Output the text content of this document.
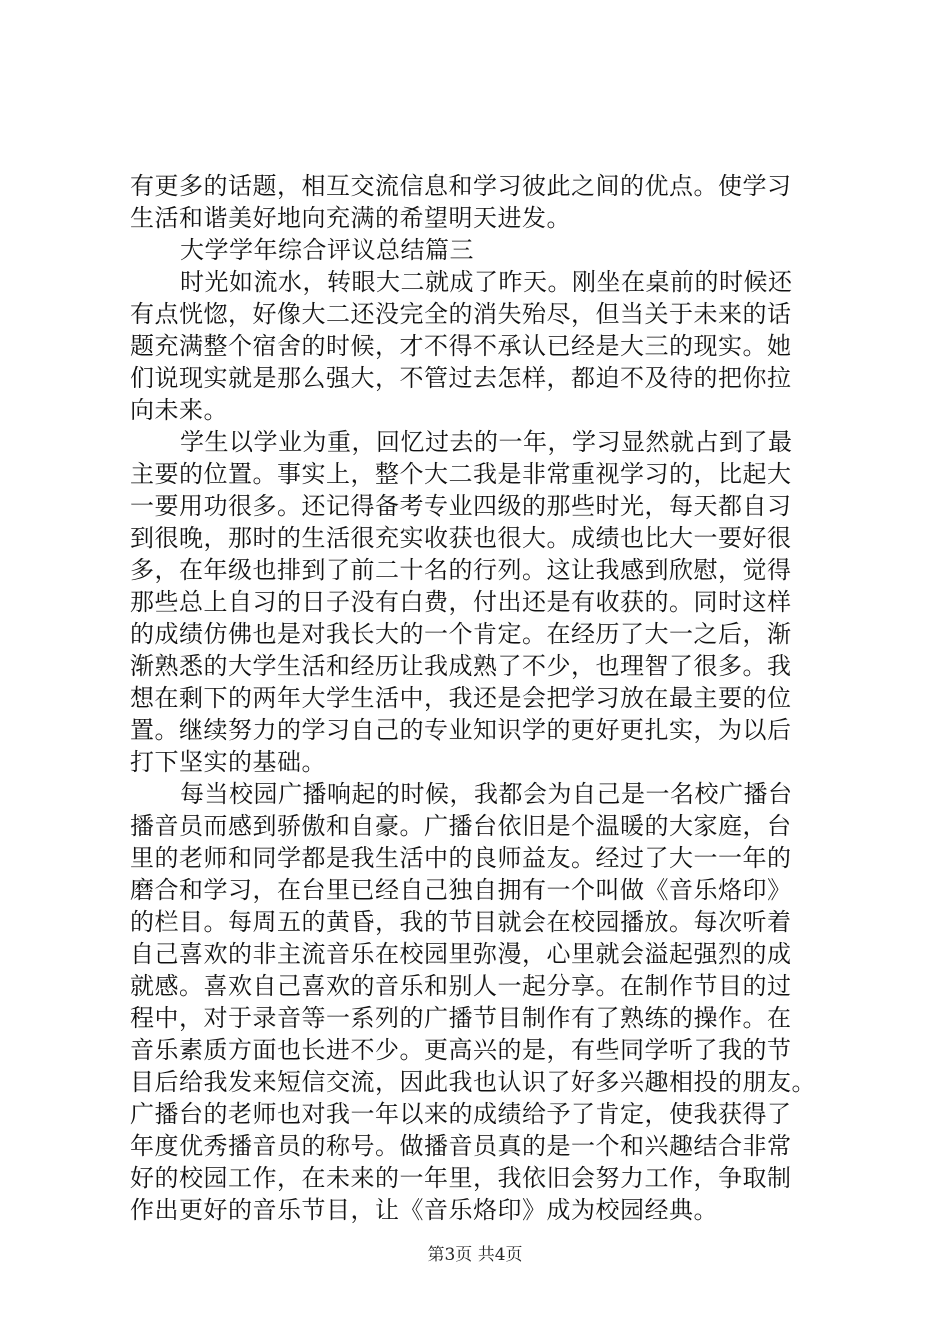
有更多的话题，相互交流信息和学习彼此之间的优点。使学习
生活和谐美好地向充满的希望明天进发。
大学学年综合评议总结篇三
时光如流水，转眼大二就成了昨天。刚坐在桌前的时候还
有点恍惚，好像大二还没完全的消失殆尽，但当关于未来的话
题充满整个宿舍的时候，才不得不承认已经是大三的现实。她
们说现实就是那么强大，不管过去怎样，都迫不及待的把你拉
向未来。
学生以学业为重，回忆过去的一年，学习显然就占到了最
主要的位置。事实上，整个大二我是非常重视学习的，比起大
一要用功很多。还记得备考专业四级的那些时光，每天都自习
到很晚，那时的生活很充实收获也很大。成绩也比大一要好很
多，在年级也排到了前二十名的行列。这让我感到欣慰，觉得
那些总上自习的日子没有白费，付出还是有收获的。同时这样
的成绩仿佛也是对我长大的一个肯定。在经历了大一之后，渐
渐熟悉的大学生活和经历让我成熟了不少，也理智了很多。我
想在剩下的两年大学生活中，我还是会把学习放在最主要的位
置。继续努力的学习自己的专业知识学的更好更扎实，为以后
打下坚实的基础。
每当校园广播响起的时候，我都会为自己是一名校广播台
播音员而感到骄傲和自豪。广播台依旧是个温暖的大家庭，台
里的老师和同学都是我生活中的良师益友。经过了大一一年的
磨合和学习，在台里已经自己独自拥有一个叫做《音乐烙印》
的栏目。每周五的黄昏，我的节目就会在校园播放。每次听着
自己喜欢的非主流音乐在校园里弥漫，心里就会溢起强烈的成
就感。喜欢自己喜欢的音乐和别人一起分享。在制作节目的过
程中，对于录音等一系列的广播节目制作有了熟练的操作。在
音乐素质方面也长进不少。更高兴的是，有些同学听了我的节
目后给我发来短信交流，因此我也认识了好多兴趣相投的朋友。
广播台的老师也对我一年以来的成绩给予了肯定，使我获得了
年度优秀播音员的称号。做播音员真的是一个和兴趣结合非常
好的校园工作，在未来的一年里，我依旧会努力工作，争取制
作出更好的音乐节目，让《音乐烙印》成为校园经典。
第3页 共4页
